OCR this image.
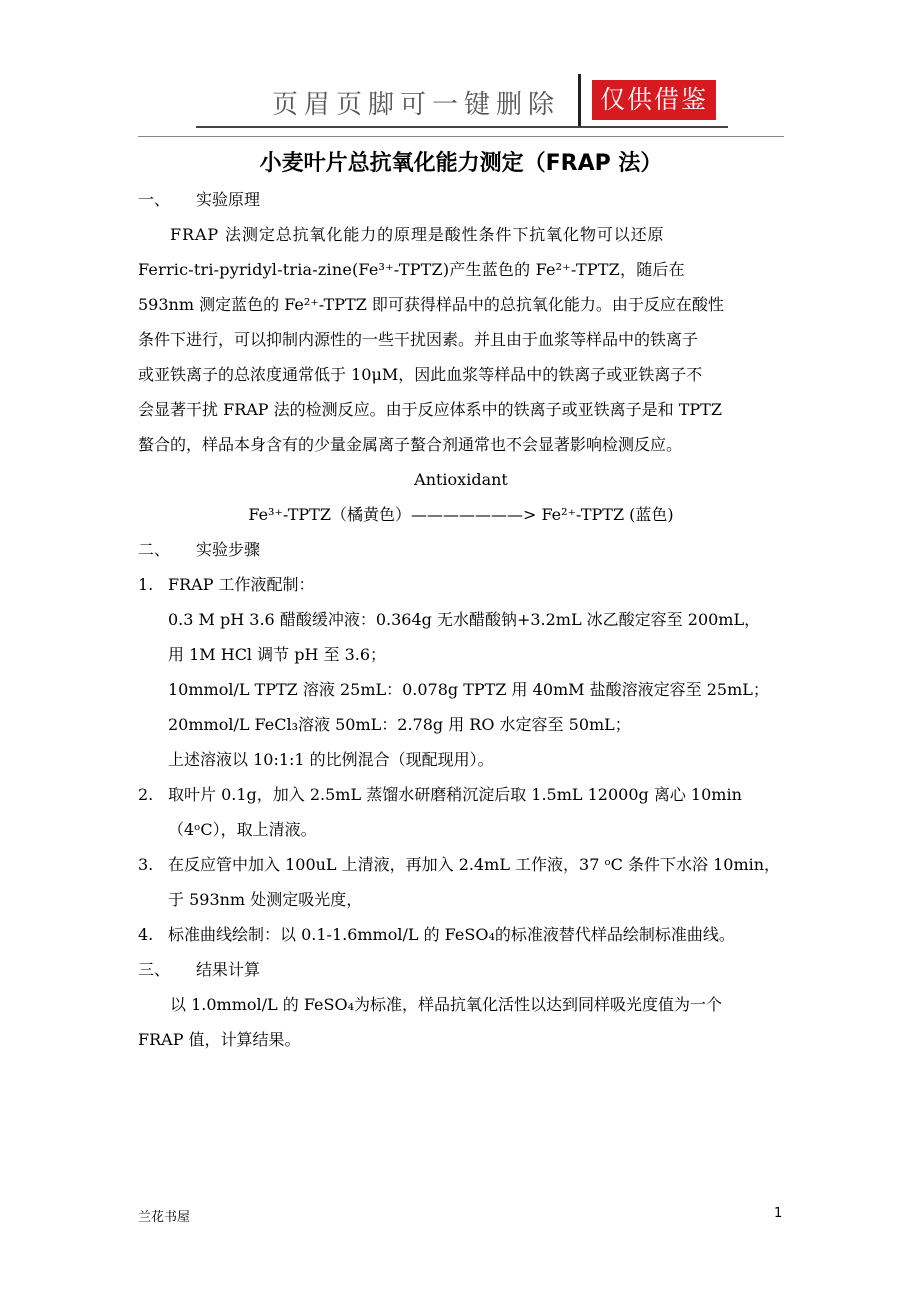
页眉页脚可一键删除	仅供借鉴
小麦叶片总抗氧化能力测定（FRAP 法）

一、 实验原理

FRAP 法测定总抗氧化能力的原理是酸性条件下抗氧化物可以还原

Ferric-tri-pyridyl-tria-zine(Fe³⁺-TPTZ)产生蓝色的 Fe²⁺-TPTZ，随后在

593nm 测定蓝色的 Fe²⁺-TPTZ 即可获得样品中的总抗氧化能力。由于反应在酸性

条件下进行，可以抑制内源性的一些干扰因素。并且由于血浆等样品中的铁离子

或亚铁离子的总浓度通常低于 10μM，因此血浆等样品中的铁离子或亚铁离子不

会显著干扰 FRAP 法的检测反应。由于反应体系中的铁离子或亚铁离子是和 TPTZ

螯合的，样品本身含有的少量金属离子螯合剂通常也不会显著影响检测反应。

Antioxidant

Fe³⁺-TPTZ（橘黄色）———————> Fe²⁺-TPTZ (蓝色)

二、 实验步骤

1. FRAP 工作液配制：

0.3 M pH 3.6 醋酸缓冲液：0.364g 无水醋酸钠+3.2mL 冰乙酸定容至 200mL，

用 1M HCl 调节 pH 至 3.6；

10mmol/L TPTZ 溶液 25mL：0.078g TPTZ 用 40mM 盐酸溶液定容至 25mL；

20mmol/L FeCl₃溶液 50mL：2.78g 用 RO 水定容至 50mL；

上述溶液以 10:1:1 的比例混合（现配现用）。

2. 取叶片 0.1g，加入 2.5mL 蒸馏水研磨稍沉淀后取 1.5mL 12000g 离心 10min

（4ᵒC），取上清液。

3. 在反应管中加入 100uL 上清液，再加入 2.4mL 工作液，37 ᵒC 条件下水浴 10min，

于 593nm 处测定吸光度，

4. 标准曲线绘制：以 0.1-1.6mmol/L 的 FeSO₄的标准液替代样品绘制标准曲线。

三、 结果计算

以 1.0mmol/L 的 FeSO₄为标准，样品抗氧化活性以达到同样吸光度值为一个

FRAP 值，计算结果。

兰花书屋	1
